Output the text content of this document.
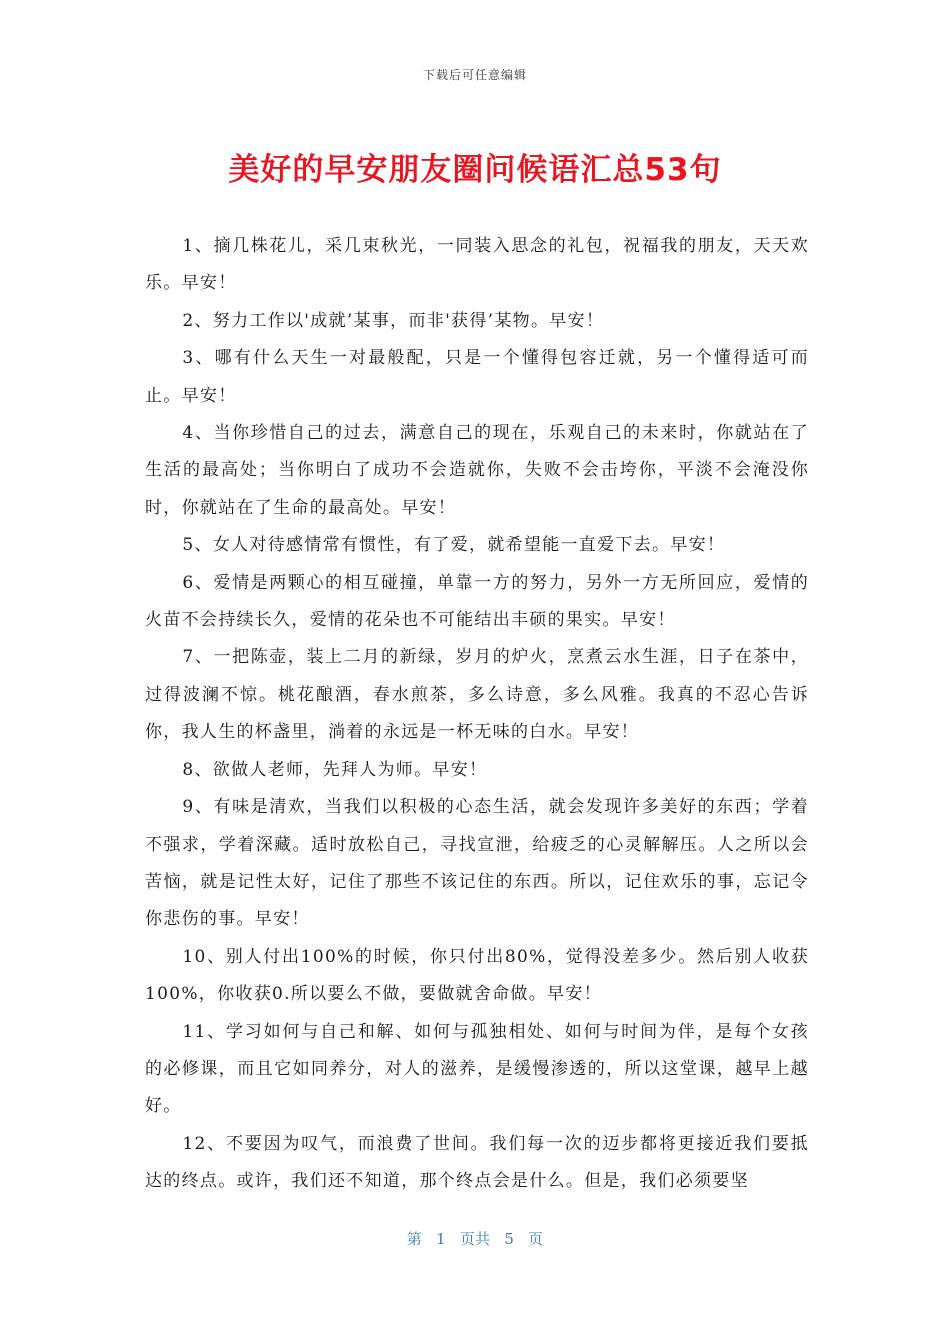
下载后可任意编辑
美好的早安朋友圈问候语汇总53句

1、摘几株花儿，采几束秋光，一同装入思念的礼包，祝福我的朋友，天天欢乐。早安！

2、努力工作以'成就’某事，而非'获得’某物。早安！

3、哪有什么天生一对最般配，只是一个懂得包容迁就，另一个懂得适可而止。早安！

4、当你珍惜自己的过去，满意自己的现在，乐观自己的未来时，你就站在了生活的最高处；当你明白了成功不会造就你，失败不会击垮你，平淡不会淹没你时，你就站在了生命的最高处。早安！

5、女人对待感情常有惯性，有了爱，就希望能一直爱下去。早安！

6、爱情是两颗心的相互碰撞，单靠一方的努力，另外一方无所回应，爱情的火苗不会持续长久，爱情的花朵也不可能结出丰硕的果实。早安！

7、一把陈壶，装上二月的新绿，岁月的炉火，烹煮云水生涯，日子在茶中，过得波澜不惊。桃花酿酒，春水煎茶，多么诗意，多么风雅。我真的不忍心告诉你，我人生的杯盏里，淌着的永远是一杯无味的白水。早安！

8、欲做人老师，先拜人为师。早安！

9、有味是清欢，当我们以积极的心态生活，就会发现许多美好的东西；学着不强求，学着深藏。适时放松自己，寻找宣泄，给疲乏的心灵解解压。人之所以会苦恼，就是记性太好，记住了那些不该记住的东西。所以，记住欢乐的事，忘记令你悲伤的事。早安！

10、别人付出100%的时候，你只付出80%，觉得没差多少。然后别人收获100%，你收获0.所以要么不做，要做就舍命做。早安！

11、学习如何与自己和解、如何与孤独相处、如何与时间为伴，是每个女孩的必修课，而且它如同养分，对人的滋养，是缓慢渗透的，所以这堂课，越早上越好。

12、不要因为叹气，而浪费了世间。我们每一次的迈步都将更接近我们要抵达的终点。或许，我们还不知道，那个终点会是什么。但是，我们必须要坚

第 1 页共 5 页
